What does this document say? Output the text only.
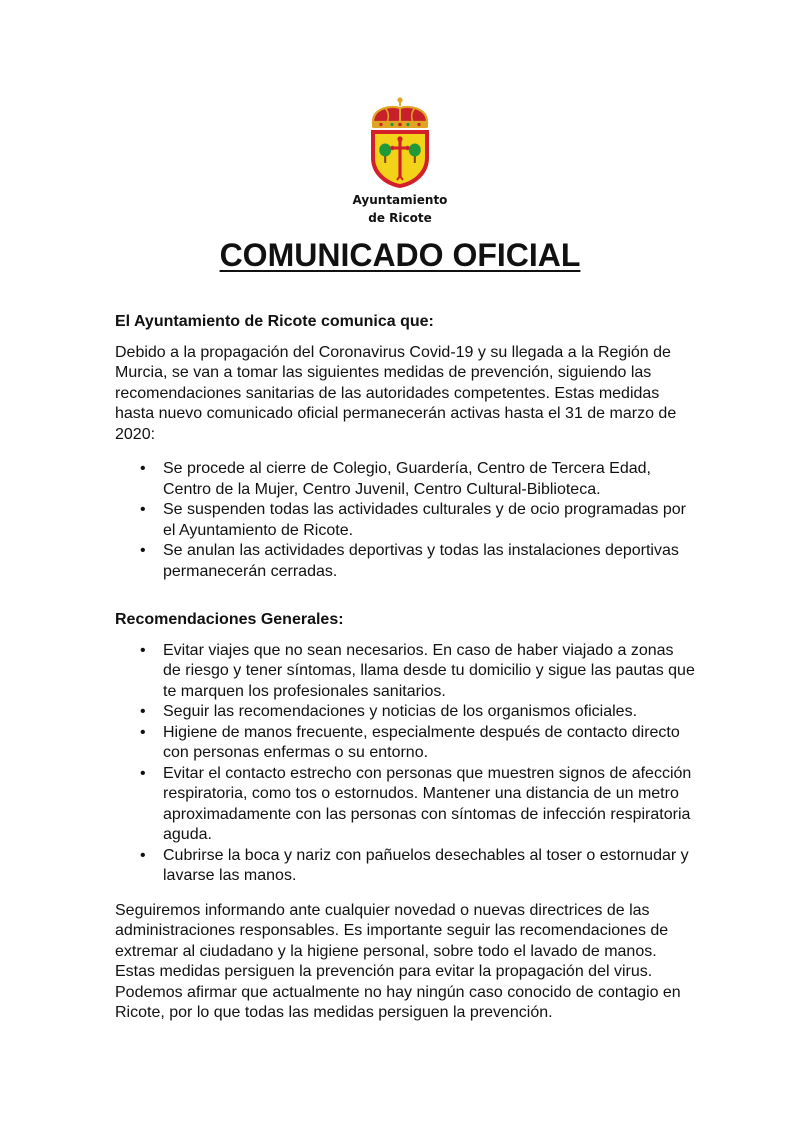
Ayuntamiento
de Ricote
COMUNICADO OFICIAL

El Ayuntamiento de Ricote comunica que:

Debido a la propagación del Coronavirus Covid-19 y su llegada a la Región de Murcia, se van a tomar las siguientes medidas de prevención, siguiendo las recomendaciones sanitarias de las autoridades competentes. Estas medidas hasta nuevo comunicado oficial permanecerán activas hasta el 31 de marzo de 2020:

• Se procede al cierre de Colegio, Guardería, Centro de Tercera Edad, Centro de la Mujer, Centro Juvenil, Centro Cultural-Biblioteca.
• Se suspenden todas las actividades culturales y de ocio programadas por el Ayuntamiento de Ricote.
• Se anulan las actividades deportivas y todas las instalaciones deportivas permanecerán cerradas.

Recomendaciones Generales:

• Evitar viajes que no sean necesarios. En caso de haber viajado a zonas de riesgo y tener síntomas, llama desde tu domicilio y sigue las pautas que te marquen los profesionales sanitarios.
• Seguir las recomendaciones y noticias de los organismos oficiales.
• Higiene de manos frecuente, especialmente después de contacto directo con personas enfermas o su entorno.
• Evitar el contacto estrecho con personas que muestren signos de afección respiratoria, como tos o estornudos. Mantener una distancia de un metro aproximadamente con las personas con síntomas de infección respiratoria aguda.
• Cubrirse la boca y nariz con pañuelos desechables al toser o estornudar y lavarse las manos.

Seguiremos informando ante cualquier novedad o nuevas directrices de las administraciones responsables. Es importante seguir las recomendaciones de extremar al ciudadano y la higiene personal, sobre todo el lavado de manos. Estas medidas persiguen la prevención para evitar la propagación del virus. Podemos afirmar que actualmente no hay ningún caso conocido de contagio en Ricote, por lo que todas las medidas persiguen la prevención.
